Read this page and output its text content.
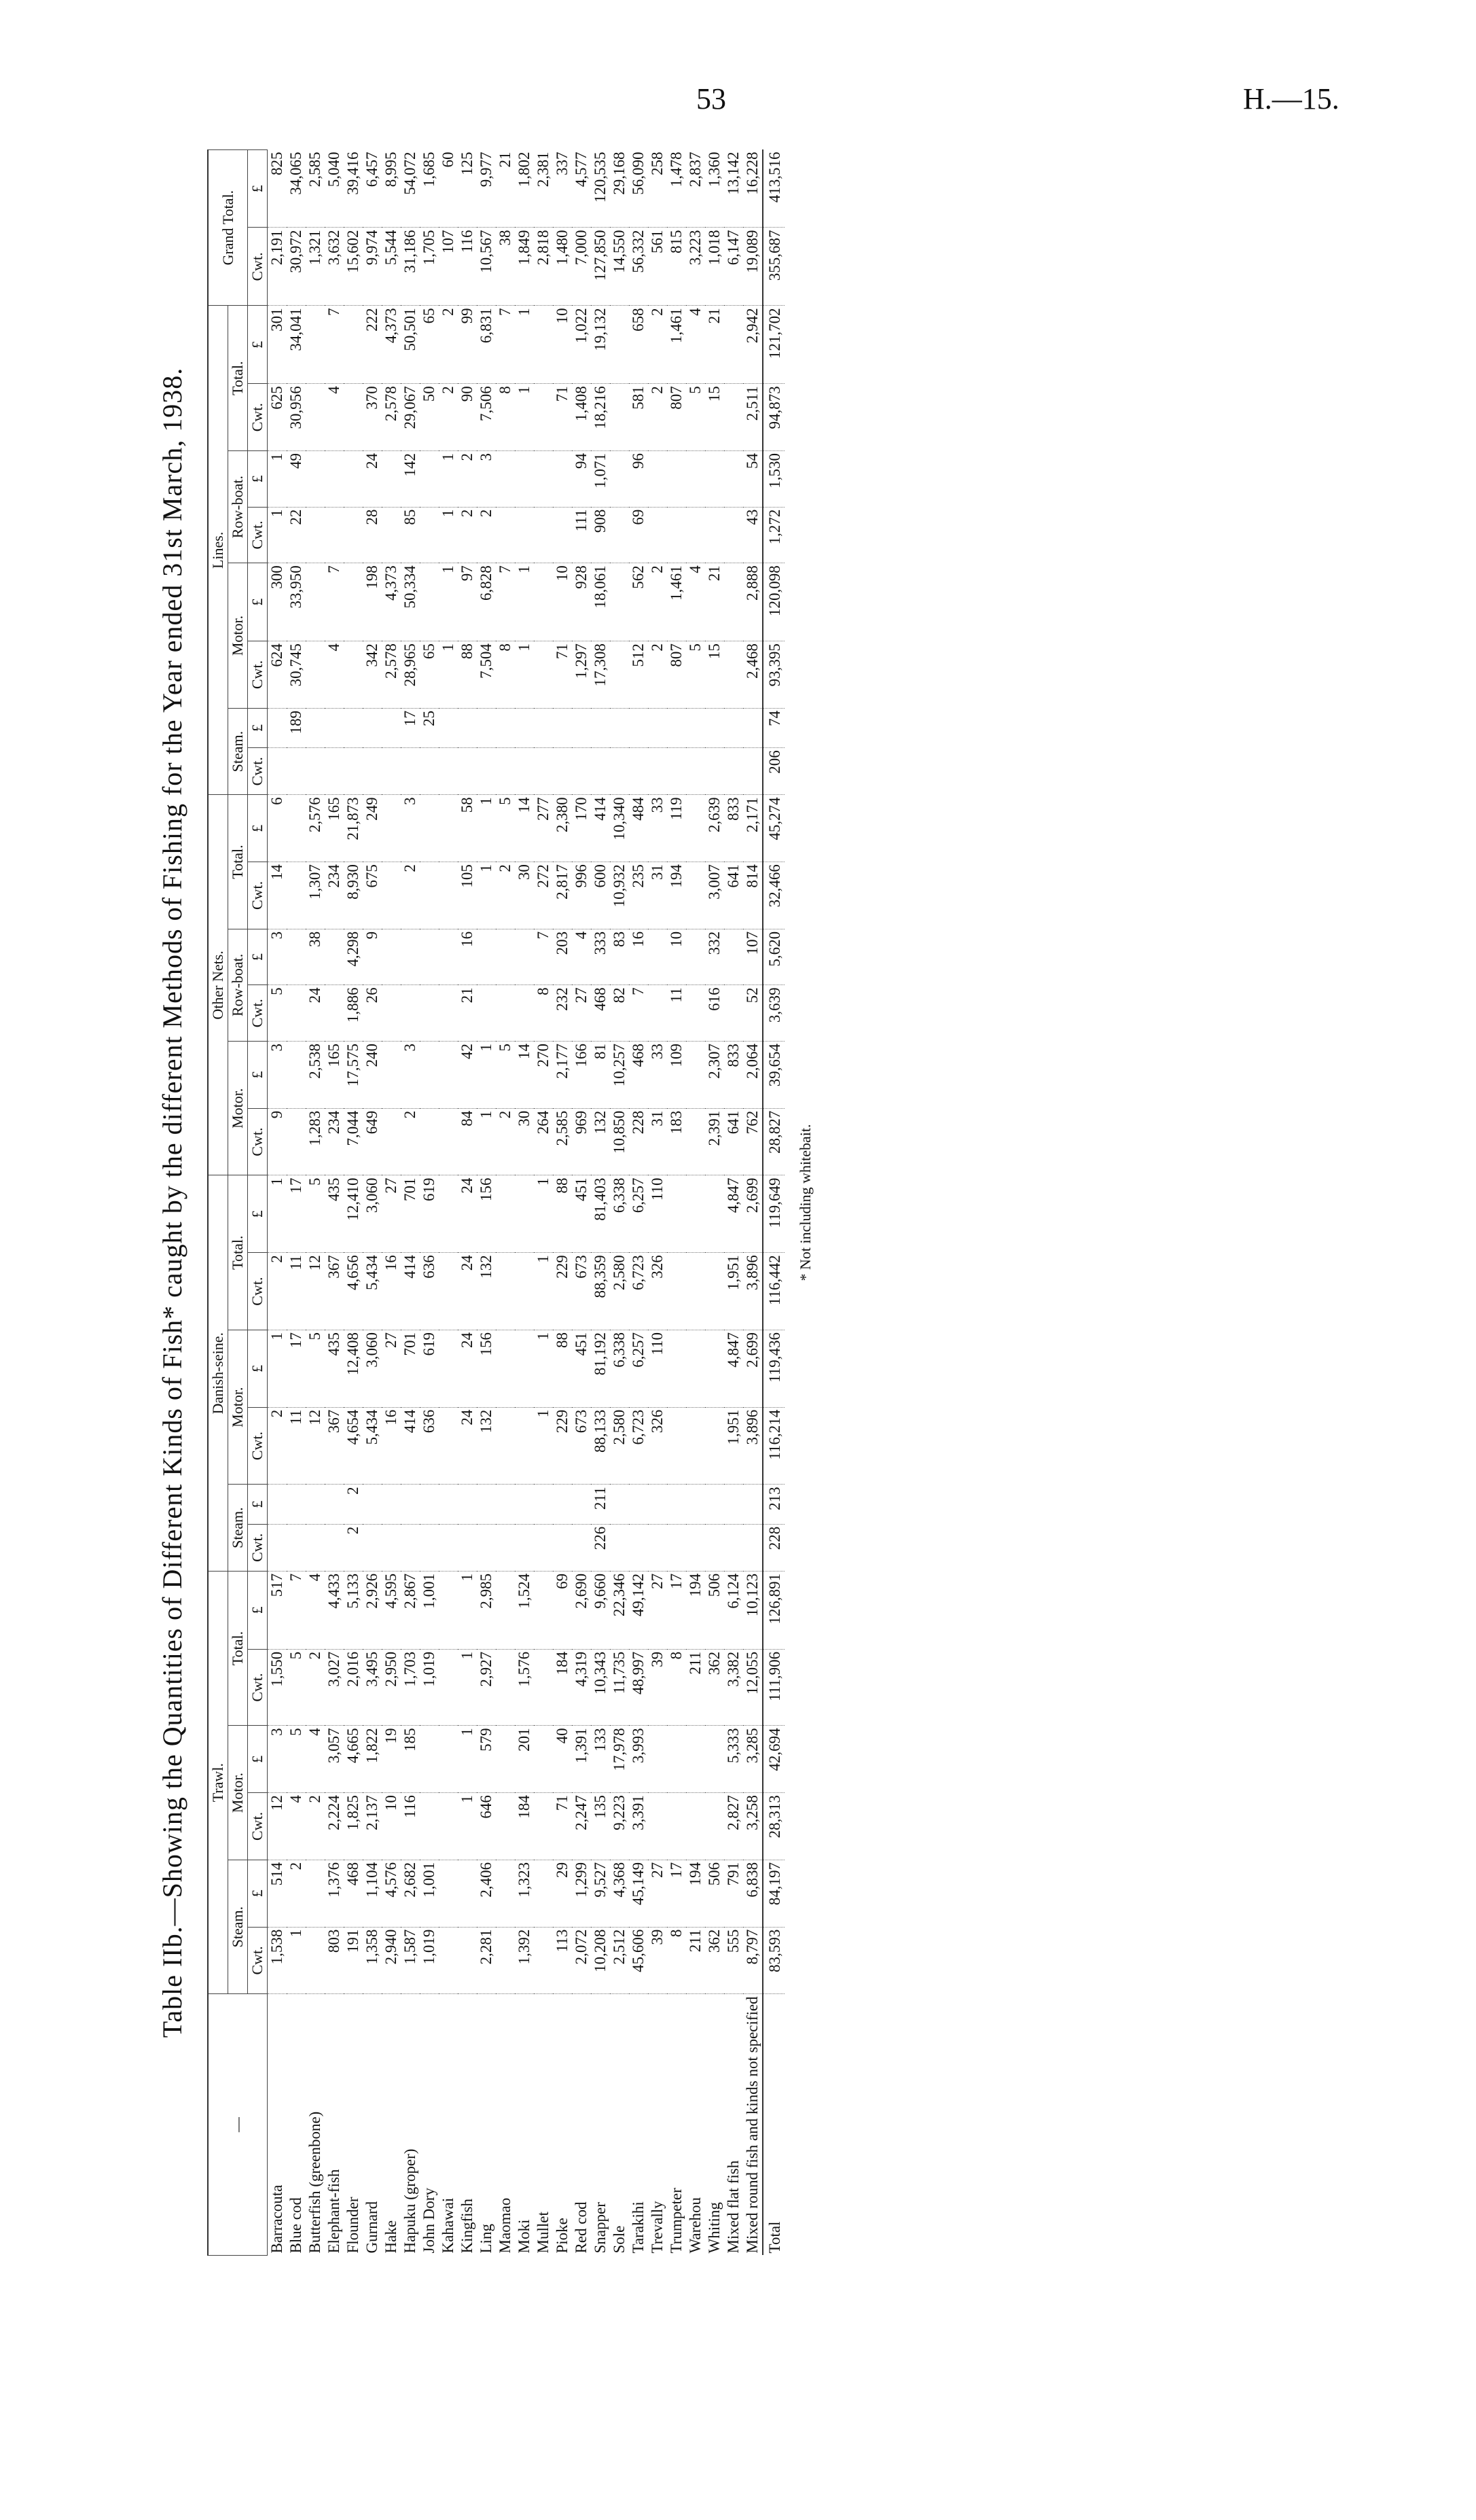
53	H.—15.
Table IIb.—Showing the Quantities of Different Kinds of Fish* caught by the different Methods of Fishing for the Year ended 31st March, 1938.
—	Trawl.						Danish-seine.						Other Nets.						Lines.								Grand Total.	
	Steam.		Motor.		Total.		Steam.		Motor.		Total.		Motor.		Row-boat.		Total.		Steam.		Motor.		Row-boat.		Total.			
	Cwt.	£	Cwt.	£	Cwt.	£	Cwt.	£	Cwt.	£	Cwt.	£	Cwt.	£	Cwt.	£	Cwt.	£	Cwt.	£	Cwt.	£	Cwt.	£	Cwt.	£	Cwt.	£
Barracouta	1,538	514	12	3	1,550	517			2	1	2	1	9	3	5	3	14	6			624	300	1	1	625	301	2,191	825
Blue cod	1	2	4	5	5	7			11	17	11	17								189	30,745	33,950	22	49	30,956	34,041	30,972	34,065
Butterfish (greenbone)			2	4	2	4			12	5	12	5	1,283	2,538	24	38	1,307	2,576									1,321	2,585
Elephant-fish	803	1,376	2,224	3,057	3,027	4,433			367	435	367	435	234	165			234	165			4	7			4	7	3,632	5,040
Flounder	191	468	1,825	4,665	2,016	5,133	2	2	4,654	12,408	4,656	12,410	7,044	17,575	1,886	4,298	8,930	21,873									15,602	39,416
Gurnard	1,358	1,104	2,137	1,822	3,495	2,926			5,434	3,060	5,434	3,060	649	240	26	9	675	249			342	198	28	24	370	222	9,974	6,457
Hake	2,940	4,576	10	19	2,950	4,595			16	27	16	27									2,578	4,373			2,578	4,373	5,544	8,995
Hapuku (groper)	1,587	2,682	116	185	1,703	2,867			414	701	414	701	2	3			2	3		17	28,965	50,334	85	142	29,067	50,501	31,186	54,072
John Dory	1,019	1,001			1,019	1,001			636	619	636	619								25	65				50	65	1,705	1,685
Kahawai																					1	1	1	1	2	2	107	60
Kingfish			1	1	1	1			24	24	24	24	84	42	21	16	105	58			88	97	2	2	90	99	116	125
Ling	2,281	2,406	646	579	2,927	2,985			132	156	132	156	1	1			1	1			7,504	6,828	2	3	7,506	6,831	10,567	9,977
Maomao													2	5			2	5			8	7			8	7	38	21
Moki	1,392	1,323	184	201	1,576	1,524							30	14			30	14			1	1			1	1	1,849	1,802
Mullet									1	1	1	1	264	270	8	7	272	277									2,818	2,381
Pioke	113	29	71	40	184	69			229	88	229	88	2,585	2,177	232	203	2,817	2,380			71	10			71	10	1,480	337
Red cod	2,072	1,299	2,247	1,391	4,319	2,690			673	451	673	451	969	166	27	4	996	170			1,297	928	111	94	1,408	1,022	7,000	4,577
Snapper	10,208	9,527	135	133	10,343	9,660	226	211	88,133	81,192	88,359	81,403	132	81	468	333	600	414			17,308	18,061	908	1,071	18,216	19,132	127,850	120,535
Sole	2,512	4,368	9,223	17,978	11,735	22,346			2,580	6,338	2,580	6,338	10,850	10,257	82	83	10,932	10,340									14,550	29,168
Tarakihi	45,606	45,149	3,391	3,993	48,997	49,142			6,723	6,257	6,723	6,257	228	468	7	16	235	484			512	562	69	96	581	658	56,332	56,090
Trevally	39	27			39	27			326	110	326	110	31	33			31	33			2	2			2	2	561	258
Trumpeter	8	17			8	17							183	109	11	10	194	119			807	1,461			807	1,461	815	1,478
Warehou	211	194			211	194															5	4			5	4	3,223	2,837
Whiting	362	506			362	506							2,391	2,307	616	332	3,007	2,639			15	21			15	21	1,018	1,360
Mixed flat fish	555	791	2,827	5,333	3,382	6,124			1,951	4,847	1,951	4,847	641	833			641	833									6,147	13,142
Mixed round fish and kinds not specified	8,797	6,838	3,258	3,285	12,055	10,123			3,896	2,699	3,896	2,699	762	2,064	52	107	814	2,171			2,468	2,888	43	54	2,511	2,942	19,089	16,228
Total	83,593	84,197	28,313	42,694	111,906	126,891	228	213	116,214	119,436	116,442	119,649	28,827	39,654	3,639	5,620	32,466	45,274	206	74	93,395	120,098	1,272	1,530	94,873	121,702	355,687	413,516
* Not including whitebait.
